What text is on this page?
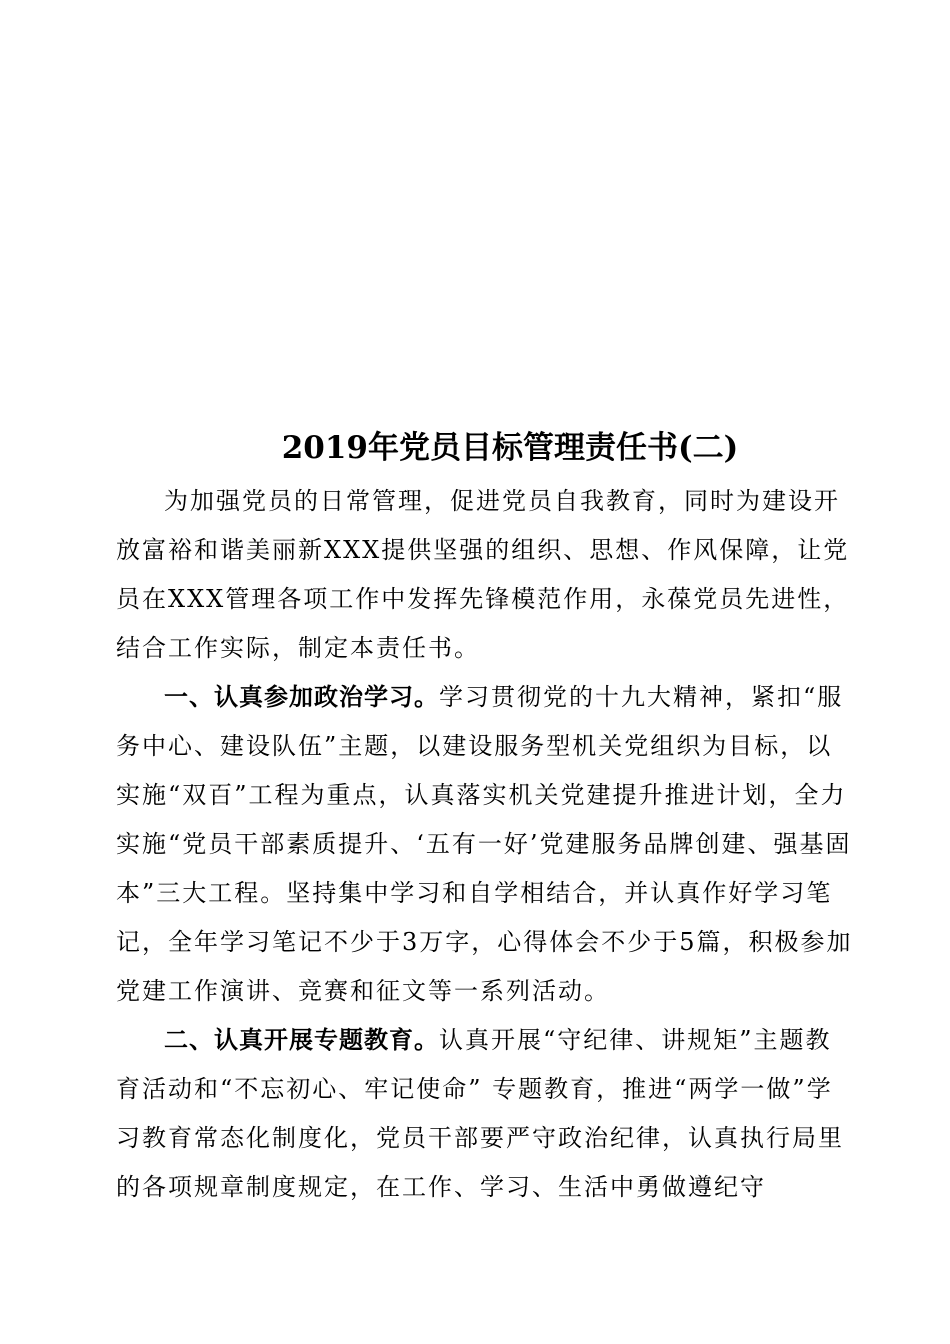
2019年党员目标管理责任书(二)

为加强党员的日常管理，促进党员自我教育，同时为建设开放富裕和谐美丽新XXX提供坚强的组织、思想、作风保障，让党员在XXX管理各项工作中发挥先锋模范作用，永葆党员先进性，结合工作实际，制定本责任书。

一、认真参加政治学习。学习贯彻党的十九大精神，紧扣“服务中心、建设队伍”主题，以建设服务型机关党组织为目标，以实施“双百”工程为重点，认真落实机关党建提升推进计划，全力实施“党员干部素质提升、‘五有一好’党建服务品牌创建、强基固本”三大工程。坚持集中学习和自学相结合，并认真作好学习笔记，全年学习笔记不少于3万字，心得体会不少于5篇，积极参加党建工作演讲、竞赛和征文等一系列活动。

二、认真开展专题教育。认真开展“守纪律、讲规矩”主题教育活动和“不忘初心、牢记使命” 专题教育，推进“两学一做”学习教育常态化制度化，党员干部要严守政治纪律，认真执行局里的各项规章制度规定，在工作、学习、生活中勇做遵纪守
